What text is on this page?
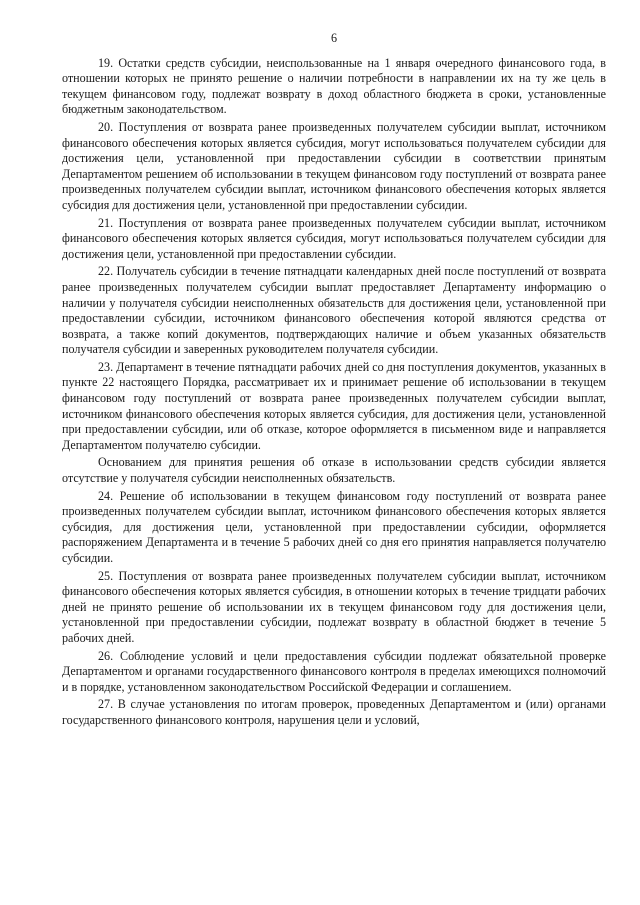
6

19. Остатки средств субсидии, неиспользованные на 1 января очередного финансового года, в отношении которых не принято решение о наличии потребности в направлении их на ту же цель в текущем финансовом году, подлежат возврату в доход областного бюджета в сроки, установленные бюджетным законодательством.

20. Поступления от возврата ранее произведенных получателем субсидии выплат, источником финансового обеспечения которых является субсидия, могут использоваться получателем субсидии для достижения цели, установленной при предоставлении субсидии в соответствии принятым Департаментом решением об использовании в текущем финансовом году поступлений от возврата ранее произведенных получателем субсидии выплат, источником финансового обеспечения которых является субсидия для достижения цели, установленной при предоставлении субсидии.

21. Поступления от возврата ранее произведенных получателем субсидии выплат, источником финансового обеспечения которых является субсидия, могут использоваться получателем субсидии для достижения цели, установленной при предоставлении субсидии.

22. Получатель субсидии в течение пятнадцати календарных дней после поступлений от возврата ранее произведенных получателем субсидии выплат предоставляет Департаменту информацию о наличии у получателя субсидии неисполненных обязательств для достижения цели, установленной при предоставлении субсидии, источником финансового обеспечения которой являются средства от возврата, а также копий документов, подтверждающих наличие и объем указанных обязательств получателя субсидии и заверенных руководителем получателя субсидии.

23. Департамент в течение пятнадцати рабочих дней со дня поступления документов, указанных в пункте 22 настоящего Порядка, рассматривает их и принимает решение об использовании в текущем финансовом году поступлений от возврата ранее произведенных получателем субсидии выплат, источником финансового обеспечения которых является субсидия, для достижения цели, установленной при предоставлении субсидии, или об отказе, которое оформляется в письменном виде и направляется Департаментом получателю субсидии.

Основанием для принятия решения об отказе в использовании средств субсидии является отсутствие у получателя субсидии неисполненных обязательств.

24. Решение об использовании в текущем финансовом году поступлений от возврата ранее произведенных получателем субсидии выплат, источником финансового обеспечения которых является субсидия, для достижения цели, установленной при предоставлении субсидии, оформляется распоряжением Департамента и в течение 5 рабочих дней со дня его принятия направляется получателю субсидии.

25. Поступления от возврата ранее произведенных получателем субсидии выплат, источником финансового обеспечения которых является субсидия, в отношении которых в течение тридцати рабочих дней не принято решение об использовании их в текущем финансовом году для достижения цели, установленной при предоставлении субсидии, подлежат возврату в областной бюджет в течение 5 рабочих дней.

26. Соблюдение условий и цели предоставления субсидии подлежат обязательной проверке Департаментом и органами государственного финансового контроля в пределах имеющихся полномочий и в порядке, установленном законодательством Российской Федерации и соглашением.

27. В случае установления по итогам проверок, проведенных Департаментом и (или) органами государственного финансового контроля, нарушения цели и условий,
